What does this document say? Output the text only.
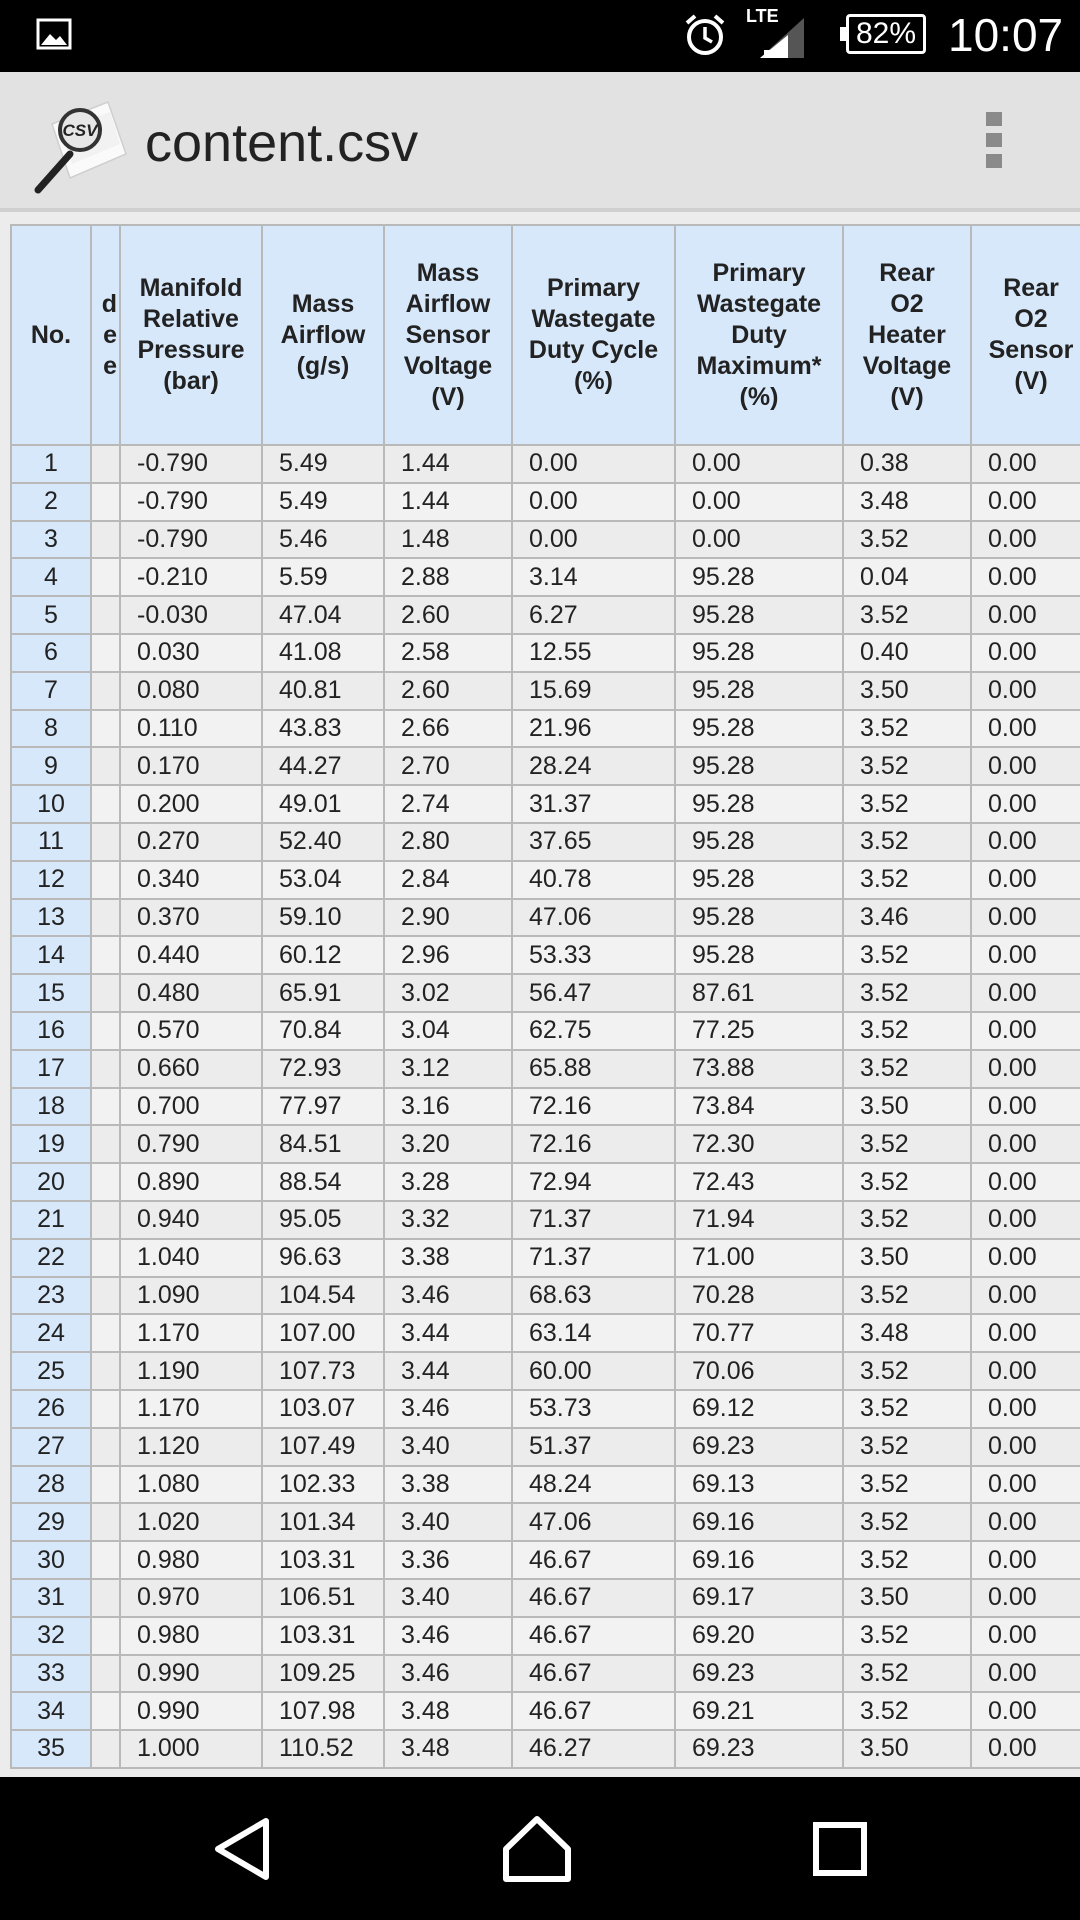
LTE
82% 10:07
CSV content.csv
No.	d
e
e	Manifold
Relative
Pressure
(bar)	Mass
Airflow
(g/s)	Mass
Airflow
Sensor
Voltage
(V)	Primary
Wastegate
Duty Cycle
(%)	Primary
Wastegate
Duty
Maximum*
(%)	Rear
O2
Heater
Voltage
(V)	Rear
O2
Sensor
(V)
1		-0.790	5.49	1.44	0.00	0.00	0.38	0.00
2		-0.790	5.49	1.44	0.00	0.00	3.48	0.00
3		-0.790	5.46	1.48	0.00	0.00	3.52	0.00
4		-0.210	5.59	2.88	3.14	95.28	0.04	0.00
5		-0.030	47.04	2.60	6.27	95.28	3.52	0.00
6		0.030	41.08	2.58	12.55	95.28	0.40	0.00
7		0.080	40.81	2.60	15.69	95.28	3.50	0.00
8		0.110	43.83	2.66	21.96	95.28	3.52	0.00
9		0.170	44.27	2.70	28.24	95.28	3.52	0.00
10		0.200	49.01	2.74	31.37	95.28	3.52	0.00
11		0.270	52.40	2.80	37.65	95.28	3.52	0.00
12		0.340	53.04	2.84	40.78	95.28	3.52	0.00
13		0.370	59.10	2.90	47.06	95.28	3.46	0.00
14		0.440	60.12	2.96	53.33	95.28	3.52	0.00
15		0.480	65.91	3.02	56.47	87.61	3.52	0.00
16		0.570	70.84	3.04	62.75	77.25	3.52	0.00
17		0.660	72.93	3.12	65.88	73.88	3.52	0.00
18		0.700	77.97	3.16	72.16	73.84	3.50	0.00
19		0.790	84.51	3.20	72.16	72.30	3.52	0.00
20		0.890	88.54	3.28	72.94	72.43	3.52	0.00
21		0.940	95.05	3.32	71.37	71.94	3.52	0.00
22		1.040	96.63	3.38	71.37	71.00	3.50	0.00
23		1.090	104.54	3.46	68.63	70.28	3.52	0.00
24		1.170	107.00	3.44	63.14	70.77	3.48	0.00
25		1.190	107.73	3.44	60.00	70.06	3.52	0.00
26		1.170	103.07	3.46	53.73	69.12	3.52	0.00
27		1.120	107.49	3.40	51.37	69.23	3.52	0.00
28		1.080	102.33	3.38	48.24	69.13	3.52	0.00
29		1.020	101.34	3.40	47.06	69.16	3.52	0.00
30		0.980	103.31	3.36	46.67	69.16	3.52	0.00
31		0.970	106.51	3.40	46.67	69.17	3.50	0.00
32		0.980	103.31	3.46	46.67	69.20	3.52	0.00
33		0.990	109.25	3.46	46.67	69.23	3.52	0.00
34		0.990	107.98	3.48	46.67	69.21	3.52	0.00
35		1.000	110.52	3.48	46.27	69.23	3.50	0.00
